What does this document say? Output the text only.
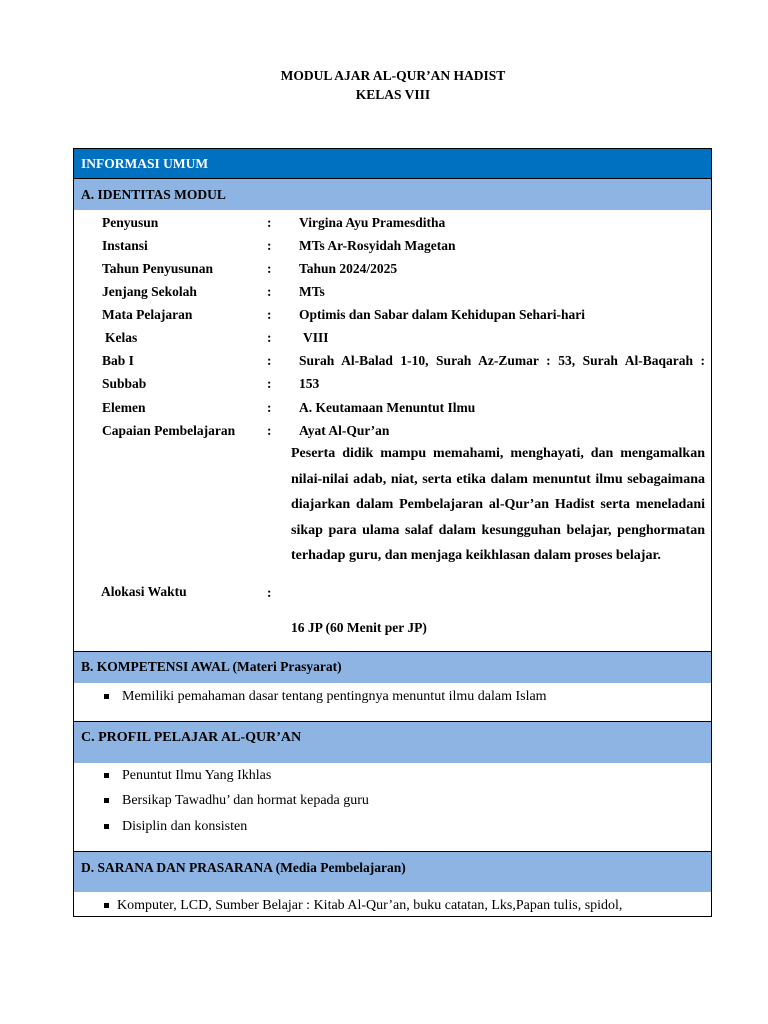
MODUL AJAR AL-QUR’AN HADIST
KELAS VIII
INFORMASI UMUM
A. IDENTITAS MODUL
Penyusun	: Virgina Ayu Pramesditha
Instansi	: MTs Ar-Rosyidah Magetan
Tahun Penyusunan	: Tahun 2024/2025
Jenjang Sekolah	: MTs
Mata Pelajaran	: Optimis dan Sabar dalam Kehidupan Sehari-hari
Kelas	: VIII
Bab I	: Surah Al-Balad 1-10, Surah Az-Zumar : 53, Surah Al-Baqarah :
Subbab	: 153
Elemen	: A. Keutamaan Menuntut Ilmu
Capaian Pembelajaran : Ayat Al-Qur’an
Peserta didik mampu memahami, menghayati, dan mengamalkan nilai-nilai adab, niat, serta etika dalam menuntut ilmu sebagaimana diajarkan dalam Pembelajaran al-Qur’an Hadist serta meneladani sikap para ulama salaf dalam kesungguhan belajar, penghormatan terhadap guru, dan menjaga keikhlasan dalam proses belajar.
Alokasi Waktu	:
16 JP (60 Menit per JP)
B. KOMPETENSI AWAL (Materi Prasyarat)
Memiliki pemahaman dasar tentang pentingnya menuntut ilmu dalam Islam
C. PROFIL PELAJAR AL-QUR’AN
Penuntut Ilmu Yang Ikhlas
Bersikap Tawadhu’ dan hormat kepada guru
Disiplin dan konsisten
D. SARANA DAN PRASARANA (Media Pembelajaran)
Komputer, LCD, Sumber Belajar : Kitab Al-Qur’an, buku catatan, Lks,Papan tulis, spidol,
